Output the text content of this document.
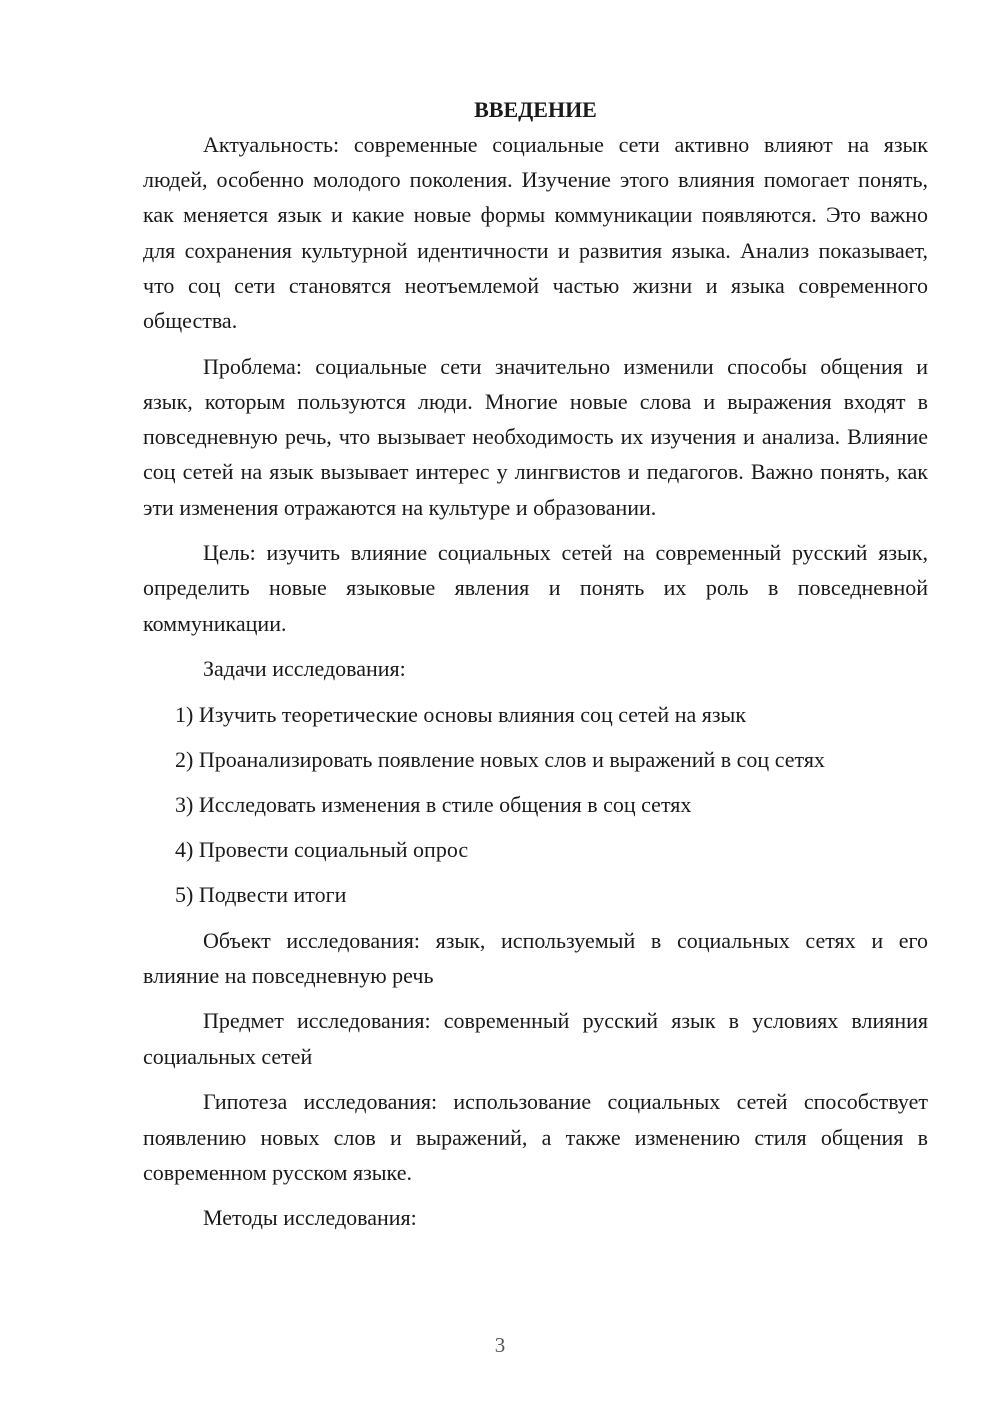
ВВЕДЕНИЕ

Актуальность: современные социальные сети активно влияют на язык людей, особенно молодого поколения. Изучение этого влияния помогает понять, как меняется язык и какие новые формы коммуникации появляются. Это важно для сохранения культурной идентичности и развития языка. Анализ показывает, что соц сети становятся неотъемлемой частью жизни и языка современного общества.

Проблема: социальные сети значительно изменили способы общения и язык, которым пользуются люди. Многие новые слова и выражения входят в повседневную речь, что вызывает необходимость их изучения и анализа. Влияние соц сетей на язык вызывает интерес у лингвистов и педагогов. Важно понять, как эти изменения отражаются на культуре и образовании.

Цель: изучить влияние социальных сетей на современный русский язык, определить новые языковые явления и понять их роль в повседневной коммуникации.

Задачи исследования:

1) Изучить теоретические основы влияния соц сетей на язык

2) Проанализировать появление новых слов и выражений в соц сетях

3) Исследовать изменения в стиле общения в соц сетях

4) Провести социальный опрос

5) Подвести итоги

Объект исследования: язык, используемый в социальных сетях и его влияние на повседневную речь

Предмет исследования: современный русский язык в условиях влияния социальных сетей

Гипотеза исследования: использование социальных сетей способствует появлению новых слов и выражений, а также изменению стиля общения в современном русском языке.

Методы исследования:

3
